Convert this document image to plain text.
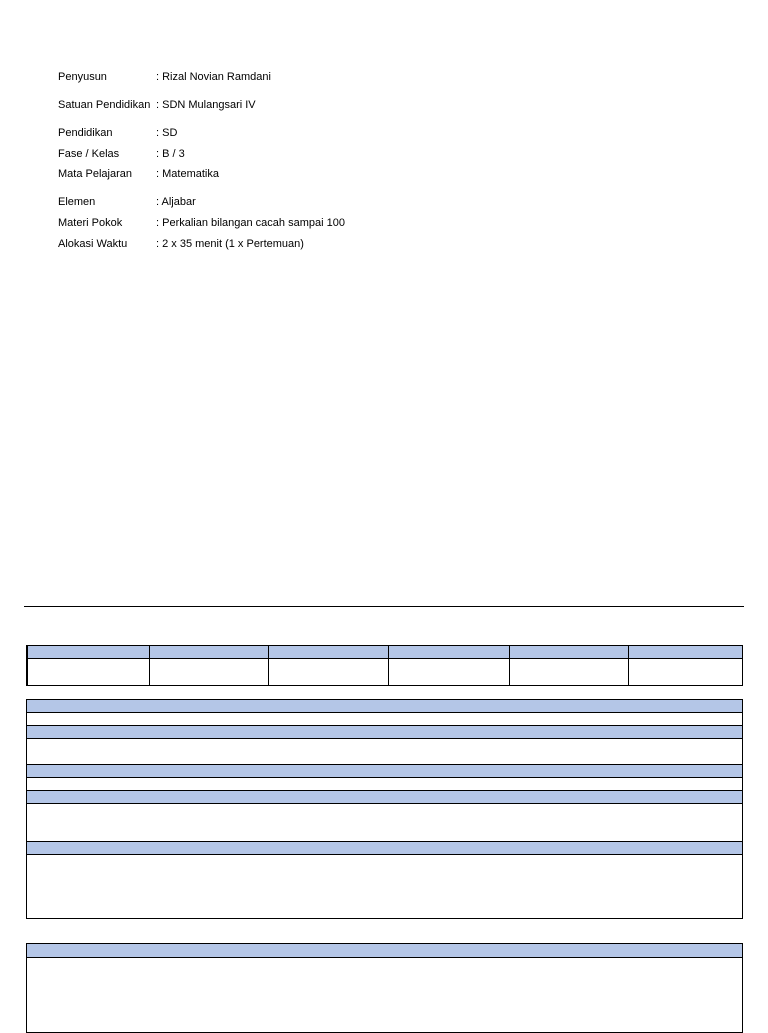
Penyusun	: Rizal Novian Ramdani
Satuan Pendidikan : SDN Mulangsari IV
Pendidikan	: SD
Fase / Kelas	: B / 3
Mata Pelajaran	: Matematika
Elemen	: Aljabar
Materi Pokok	: Perkalian bilangan cacah sampai 100
Alokasi Waktu	: 2 x 35 menit (1 x Pertemuan)
